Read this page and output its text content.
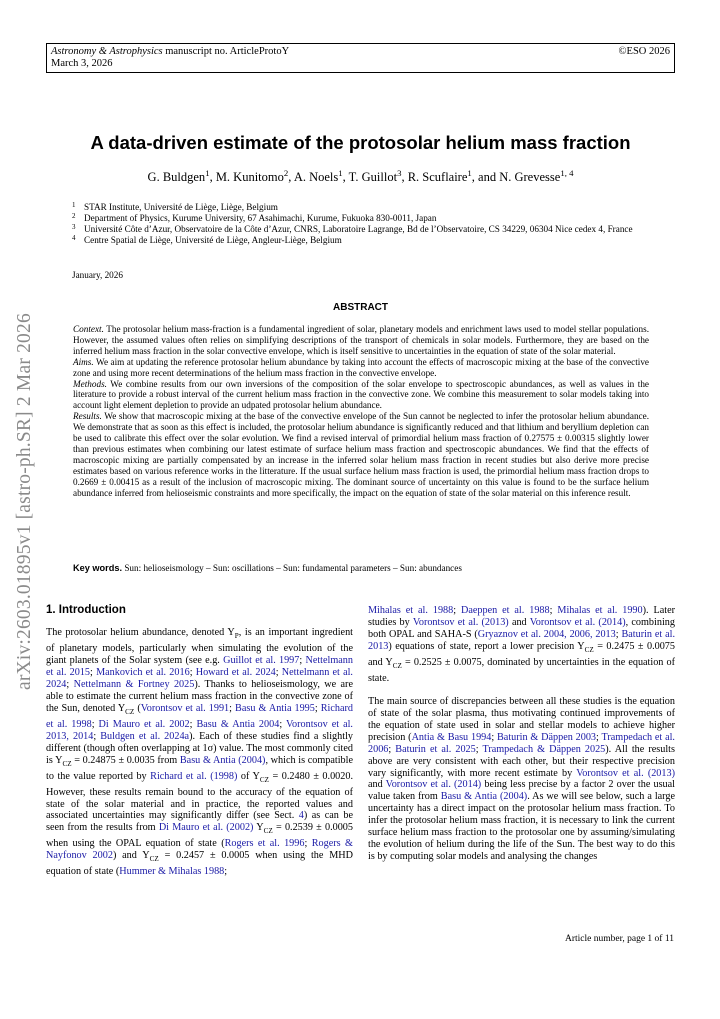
Astronomy & Astrophysics manuscript no. ArticleProtoY
March 3, 2026
©ESO 2026
A data-driven estimate of the protosolar helium mass fraction
G. Buldgen$^1$, M. Kunitomo$^2$, A. Noels$^1$, T. Guillot$^3$, R. Scuflaire$^1$, and N. Grevesse$^{1, 4}$
1 STAR Institute, Université de Liège, Liège, Belgium
2 Department of Physics, Kurume University, 67 Asahimachi, Kurume, Fukuoka 830-0011, Japan
3 Université Côte d’Azur, Observatoire de la Côte d’Azur, CNRS, Laboratoire Lagrange, Bd de l’Observatoire, CS 34229, 06304 Nice cedex 4, France
4 Centre Spatial de Liège, Université de Liège, Angleur-Liège, Belgium
January, 2026
ABSTRACT

Context. The protosolar helium mass-fraction is a fundamental ingredient of solar, planetary models and enrichment laws used to model stellar populations. However, the assumed values often relies on simplifying descriptions of the transport of chemicals in solar models. Furthermore, they are based on the inferred helium mass fraction in the solar convective envelope, which is itself sensitive to uncertainties in the equation of state of the solar material.

Aims. We aim at updating the reference protosolar helium abundance by taking into account the effects of macroscopic mixing at the base of the convective zone and using more recent determinations of the helium mass fraction in the convective envelope.

Methods. We combine results from our own inversions of the composition of the solar envelope to spectroscopic abundances, as well as values in the literature to provide a robust interval of the current helium mass fraction in the convective zone. We combine this measurement to solar models taking into account light element depletion to provide an udpated protosolar helium abundance.

Results. We show that macroscopic mixing at the base of the convective envelope of the Sun cannot be neglected to infer the protosolar helium abundance. We demonstrate that as soon as this effect is included, the protosolar helium abundance is significantly reduced and that lithium and beryllium depletion can be used to calibrate this effect over the solar evolution. We find a revised interval of primordial helium mass fraction of 0.27575 ± 0.00315 slightly lower than previous estimates when combining our latest estimate of surface helium mass fraction and spectroscopic abundances. We find that the effects of macroscopic mixing are partially compensated by an increase in the inferred solar helium mass fraction in recent studies but also derive more precise estimates based on various reference works in the litterature. If the usual surface helium mass fraction is used, the primordial helium mass fraction drops to 0.2669 ± 0.00415 as a result of the inclusion of macroscopic mixing. The dominant source of uncertainty on this value is found to be the surface helium abundance inferred from helioseismic constraints and more specifically, the impact on the equation of state of the solar material on this inference result.

Key words. Sun: helioseismology – Sun: oscillations – Sun: fundamental parameters – Sun: abundances
arXiv:2603.01895v1 [astro-ph.SR] 2 Mar 2026 1. Introduction

The protosolar helium abundance, denoted $Y_P$, is an important ingredient of planetary models, particularly when simulating the evolution of the giant planets of the Solar system (see e.g. Guillot et al. 1997; Nettelmann et al. 2015; Mankovich et al. 2016; Howard et al. 2024; Nettelmann et al. 2024; Nettelmann & Fortney 2025). Thanks to helioseismology, we are able to estimate the current helium mass fraction in the convective zone of the Sun, denoted $Y_{CZ}$ (Vorontsov et al. 1991; Basu & Antia 1995; Richard et al. 1998; Di Mauro et al. 2002; Basu & Antia 2004; Vorontsov et al. 2013, 2014; Buldgen et al. 2024a). Each of these studies find a slightly different (though often overlapping at 1σ) value. The most commonly cited is $Y_{CZ} = 0.24875 \pm 0.0035$ from Basu & Antia (2004), which is compatible to the value reported by Richard et al. (1998) of $Y_{CZ} = 0.2480 \pm 0.0020$. However, these results remain bound to the accuracy of the equation of state of the solar material and in practice, the reported values and associated uncertainties may significantly differ (see Sect. 4) as can be seen from the results from Di Mauro et al. (2002) $Y_{CZ} = 0.2539 \pm 0.0005$ when using the OPAL equation of state (Rogers et al. 1996; Rogers & Nayfonov 2002) and $Y_{CZ} = 0.2457 \pm 0.0005$ when using the MHD equation of state (Hummer & Mihalas 1988;

Mihalas et al. 1988; Daeppen et al. 1988; Mihalas et al. 1990). Later studies by Vorontsov et al. (2013) and Vorontsov et al. (2014), combining both OPAL and SAHA-S (Gryaznov et al. 2004, 2006, 2013; Baturin et al. 2013) equations of state, report a lower precision $Y_{CZ} = 0.2475 \pm 0.0075$ and $Y_{CZ} = 0.2525 \pm 0.0075$, dominated by uncertainties in the equation of state.

The main source of discrepancies between all these studies is the equation of state of the solar plasma, thus motivating continued improvements of the equation of state used in solar and stellar models to achieve higher precision (Antia & Basu 1994; Baturin & Däppen 2003; Trampedach et al. 2006; Baturin et al. 2025; Trampedach & Däppen 2025). All the results above are very consistent with each other, but their respective precision vary significantly, with more recent estimate by Vorontsov et al. (2013) and Vorontsov et al. (2014) being less precise by a factor 2 over the usual value taken from Basu & Antia (2004). As we will see below, such a large uncertainty has a direct impact on the protosolar helium mass fraction. To infer the protosolar helium mass fraction, it is necessary to link the current surface helium mass fraction to the protosolar one by assuming/simulating the evolution of helium during the life of the Sun. The best way to do this is by computing solar models and analysing the changes

Article number, page 1 of 11
